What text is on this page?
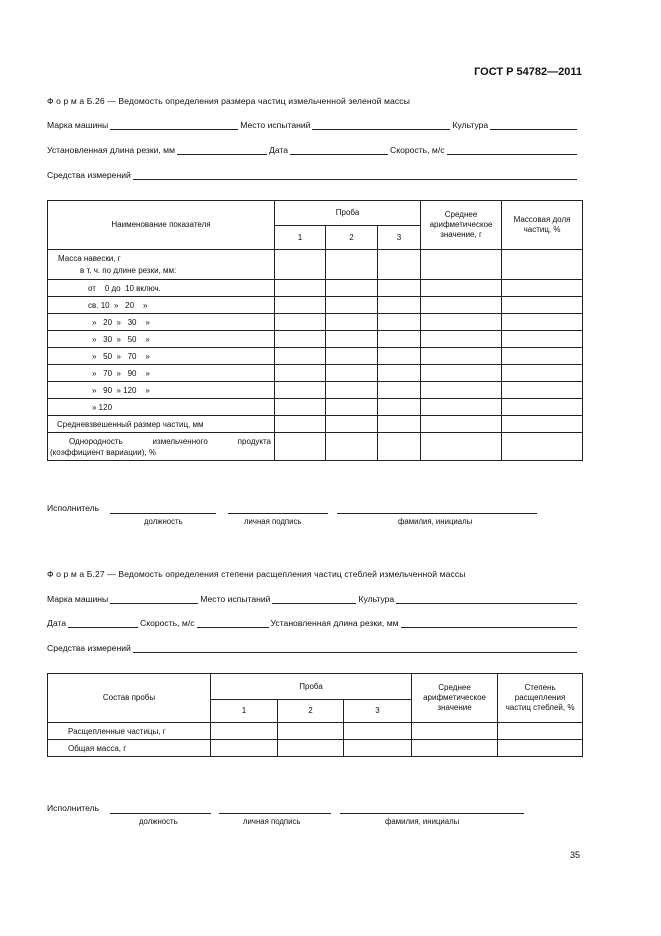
ГОСТ Р 54782—2011
Ф о р м а Б.26 — Ведомость определения размера частиц измельченной зеленой массы
Марка машины	Место испытаний	Культура
Установленная длина резки, мм	Дата	Скорость, м/с
Средства измерений
Наименование показателя	Проба			Среднее арифметическое значение, г	Массовая доля частиц, %
	1	2	3		

Масса навески, г
в т. ч. по длине резки, мм:					

от    0 до  10 включ.					
св. 10  »   20    »					
»   20  »   30    »					
»   30  »   50    »					
»   50  »   70    »					
»   70  »   90    »					
»   90  » 120    »					
» 120					
Средневзвешенный размер частиц, мм					

Однородность измельченного продукта
(коэффициент вариации), %					

Исполнитель
должность	личная подпись	фамилия, инициалы
Ф о р м а Б.27 — Ведомость определения степени расщепления частиц стеблей измельченной массы
Марка машины	Место испытаний	Культура
Дата	Скорость, м/с	Установленная длина резки, мм
Средства измерений
Состав пробы	Проба			Среднее арифметическое значение	Степень расщепления частиц стеблей, %
	1	2	3		
Расщепленные частицы, г					
Общая масса, г					
Исполнитель
должность	личная подпись	фамилия, инициалы
35
